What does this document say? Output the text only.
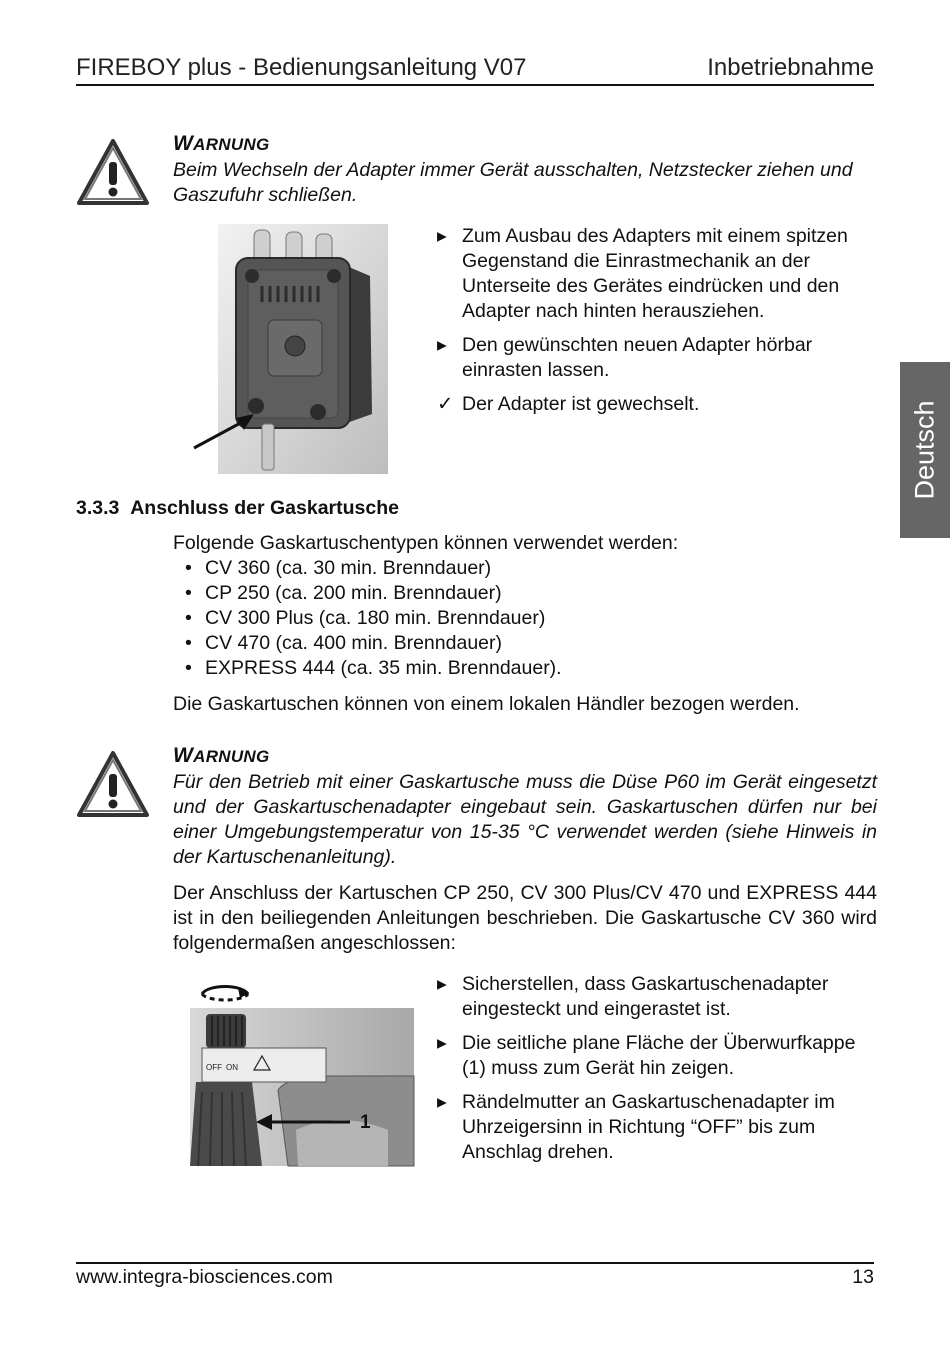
FIREBOY plus - Bedienungsanleitung V07	Inbetriebnahme
Deutsch
WARNUNG
Beim Wechseln der Adapter immer Gerät ausschalten, Netzstecker ziehen und Gaszufuhr schließen.
▸ Zum Ausbau des Adapters mit einem spitzen Gegenstand die Einrastmechanik an der Unterseite des Gerätes eindrücken und den Adapter nach hinten herausziehen.
▸ Den gewünschten neuen Adapter hörbar einrasten lassen.
✓ Der Adapter ist gewechselt.
3.3.3 Anschluss der Gaskartusche
Folgende Gaskartuschentypen können verwendet werden:
• CV 360 (ca. 30 min. Brenndauer)
• CP 250 (ca. 200 min. Brenndauer)
• CV 300 Plus (ca. 180 min. Brenndauer)
• CV 470 (ca. 400 min. Brenndauer)
• EXPRESS 444 (ca. 35 min. Brenndauer).
Die Gaskartuschen können von einem lokalen Händler bezogen werden.
WARNUNG
Für den Betrieb mit einer Gaskartusche muss die Düse P60 im Gerät eingesetzt und der Gaskartuschenadapter eingebaut sein. Gaskartuschen dürfen nur bei einer Umgebungstemperatur von 15-35 °C verwendet werden (siehe Hinweis in der Kartuschenanleitung).
Der Anschluss der Kartuschen CP 250, CV 300 Plus/CV 470 und EXPRESS 444 ist in den beiliegenden Anleitungen beschrieben. Die Gaskartusche CV 360 wird folgendermaßen angeschlossen:
OFF ON
1
▸ Sicherstellen, dass Gaskartuschenadapter eingesteckt und eingerastet ist.
▸ Die seitliche plane Fläche der Überwurfkappe (1) muss zum Gerät hin zeigen.
▸ Rändelmutter an Gaskartuschenadapter im Uhrzeigersinn in Richtung “OFF” bis zum Anschlag drehen.
www.integra-biosciences.com	13
